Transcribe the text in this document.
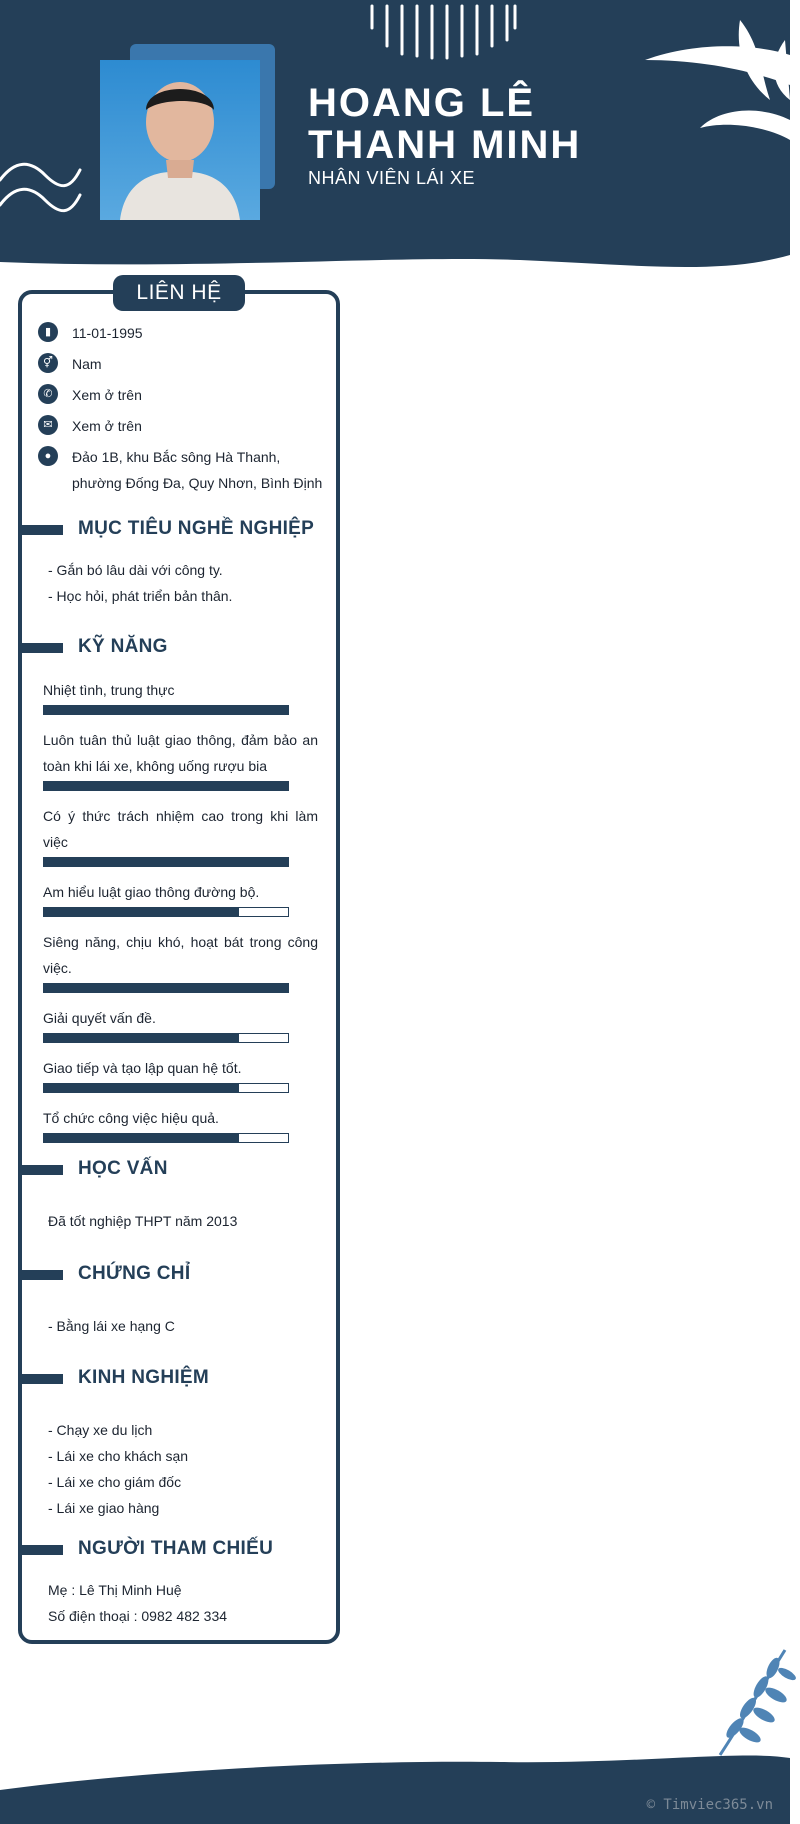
HOANG LÊ THANH MINH
NHÂN VIÊN LÁI XE
LIÊN HỆ
▮	11-01-1995
⚥	Nam
✆	Xem ở trên
✉	Xem ở trên
●	Đảo 1B, khu Bắc sông Hà Thanh, phường Đống Đa, Quy Nhơn, Bình Định
MỤC TIÊU NGHỀ NGHIỆP
- Gắn bó lâu dài với công ty.
- Học hỏi, phát triển bản thân.
KỸ NĂNG
Nhiệt tình, trung thực
Luôn tuân thủ luật giao thông, đảm bảo an toàn khi lái xe, không uống rượu bia
Có ý thức trách nhiệm cao trong khi làm việc
Am hiểu luật giao thông đường bộ.
Siêng năng, chịu khó, hoạt bát trong công việc.
Giải quyết vấn đề.
Giao tiếp và tạo lập quan hệ tốt.
Tổ chức công việc hiệu quả.
HỌC VẤN
Đã tốt nghiệp THPT năm 2013
CHỨNG CHỈ
- Bằng lái xe hạng C
KINH NGHIỆM
- Chạy xe du lịch
- Lái xe cho khách sạn
- Lái xe cho giám đốc
- Lái xe giao hàng
NGƯỜI THAM CHIẾU
Mẹ : Lê Thị Minh Huệ
Số điện thoại : 0982 482 334
© Timviec365.vn
